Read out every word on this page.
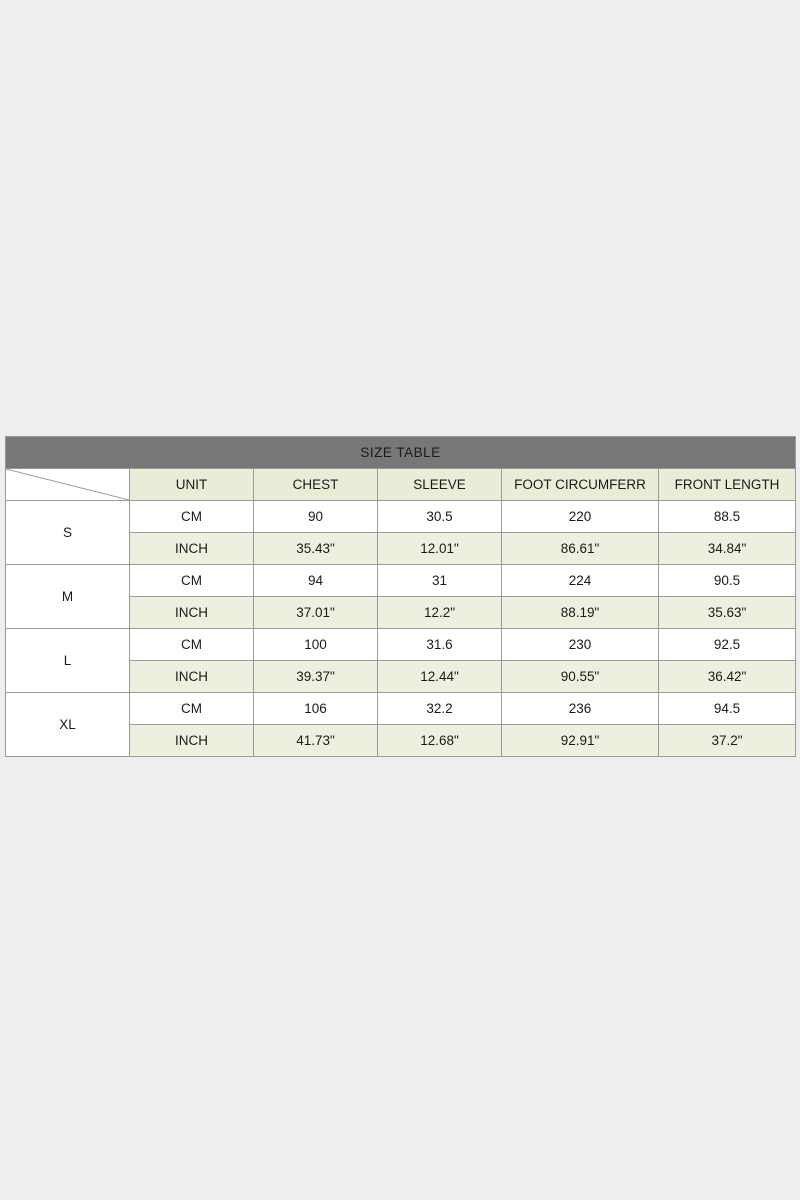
SIZE TABLE					

	UNIT	CHEST	SLEEVE	FOOT CIRCUMFERR	FRONT LENGTH
S	CM	90	30.5	220	88.5
	INCH	35.43"	12.01"	86.61"	34.84"
M	CM	94	31	224	90.5
	INCH	37.01"	12.2"	88.19"	35.63"
L	CM	100	31.6	230	92.5
	INCH	39.37"	12.44"	90.55"	36.42"
XL	CM	106	32.2	236	94.5
	INCH	41.73"	12.68"	92.91"	37.2"
